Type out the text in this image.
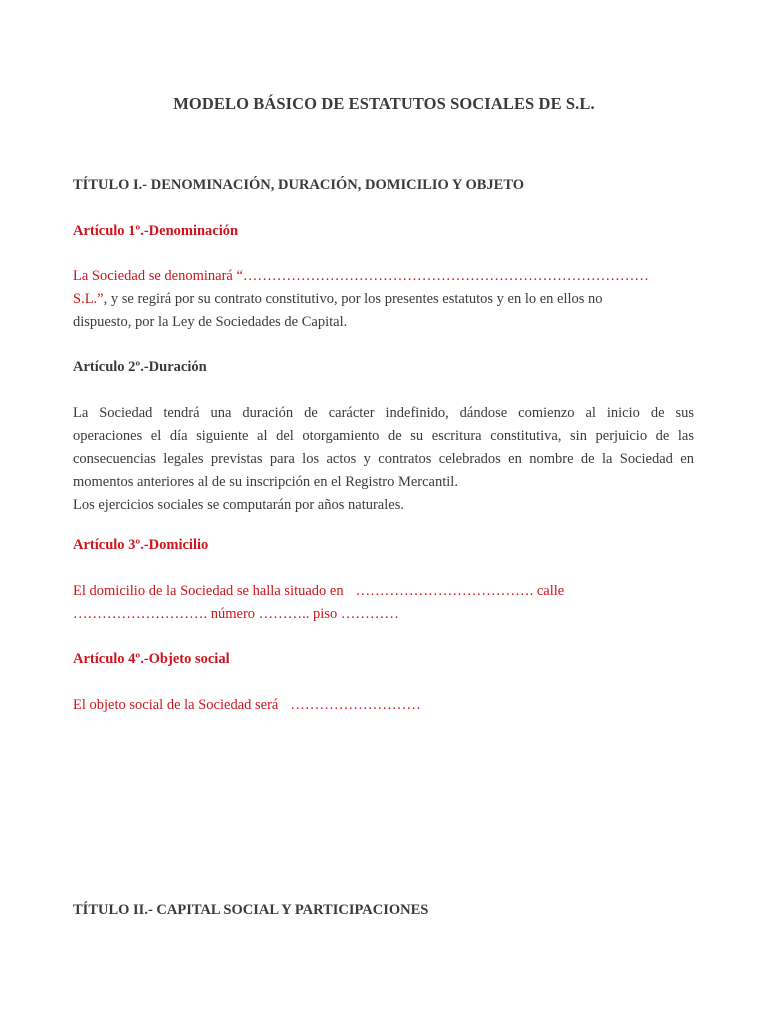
MODELO BÁSICO DE ESTATUTOS SOCIALES DE S.L.
TÍTULO I.- DENOMINACIÓN, DURACIÓN, DOMICILIO Y OBJETO
Artículo 1º.-Denominación
La Sociedad se denominará “…………………………………………………………………………
S.L.”, y se regirá por su contrato constitutivo, por los presentes estatutos y en lo en ellos no
dispuesto, por la Ley de Sociedades de Capital.
Artículo 2º.-Duración
La Sociedad tendrá una duración de carácter indefinido, dándose comienzo al inicio de sus
operaciones el día siguiente al del otorgamiento de su escritura constitutiva, sin perjuicio de las
consecuencias legales previstas para los actos y contratos celebrados en nombre de la Sociedad en
momentos anteriores al de su inscripción en el Registro Mercantil.
Los ejercicios sociales se computarán por años naturales.
Artículo 3º.-Domicilio
El domicilio de la Sociedad se halla situado en ………………………………. calle
………………………. número ……….. piso …………
Artículo 4º.-Objeto social
El objeto social de la Sociedad será ………………………
TÍTULO II.- CAPITAL SOCIAL Y PARTICIPACIONES
